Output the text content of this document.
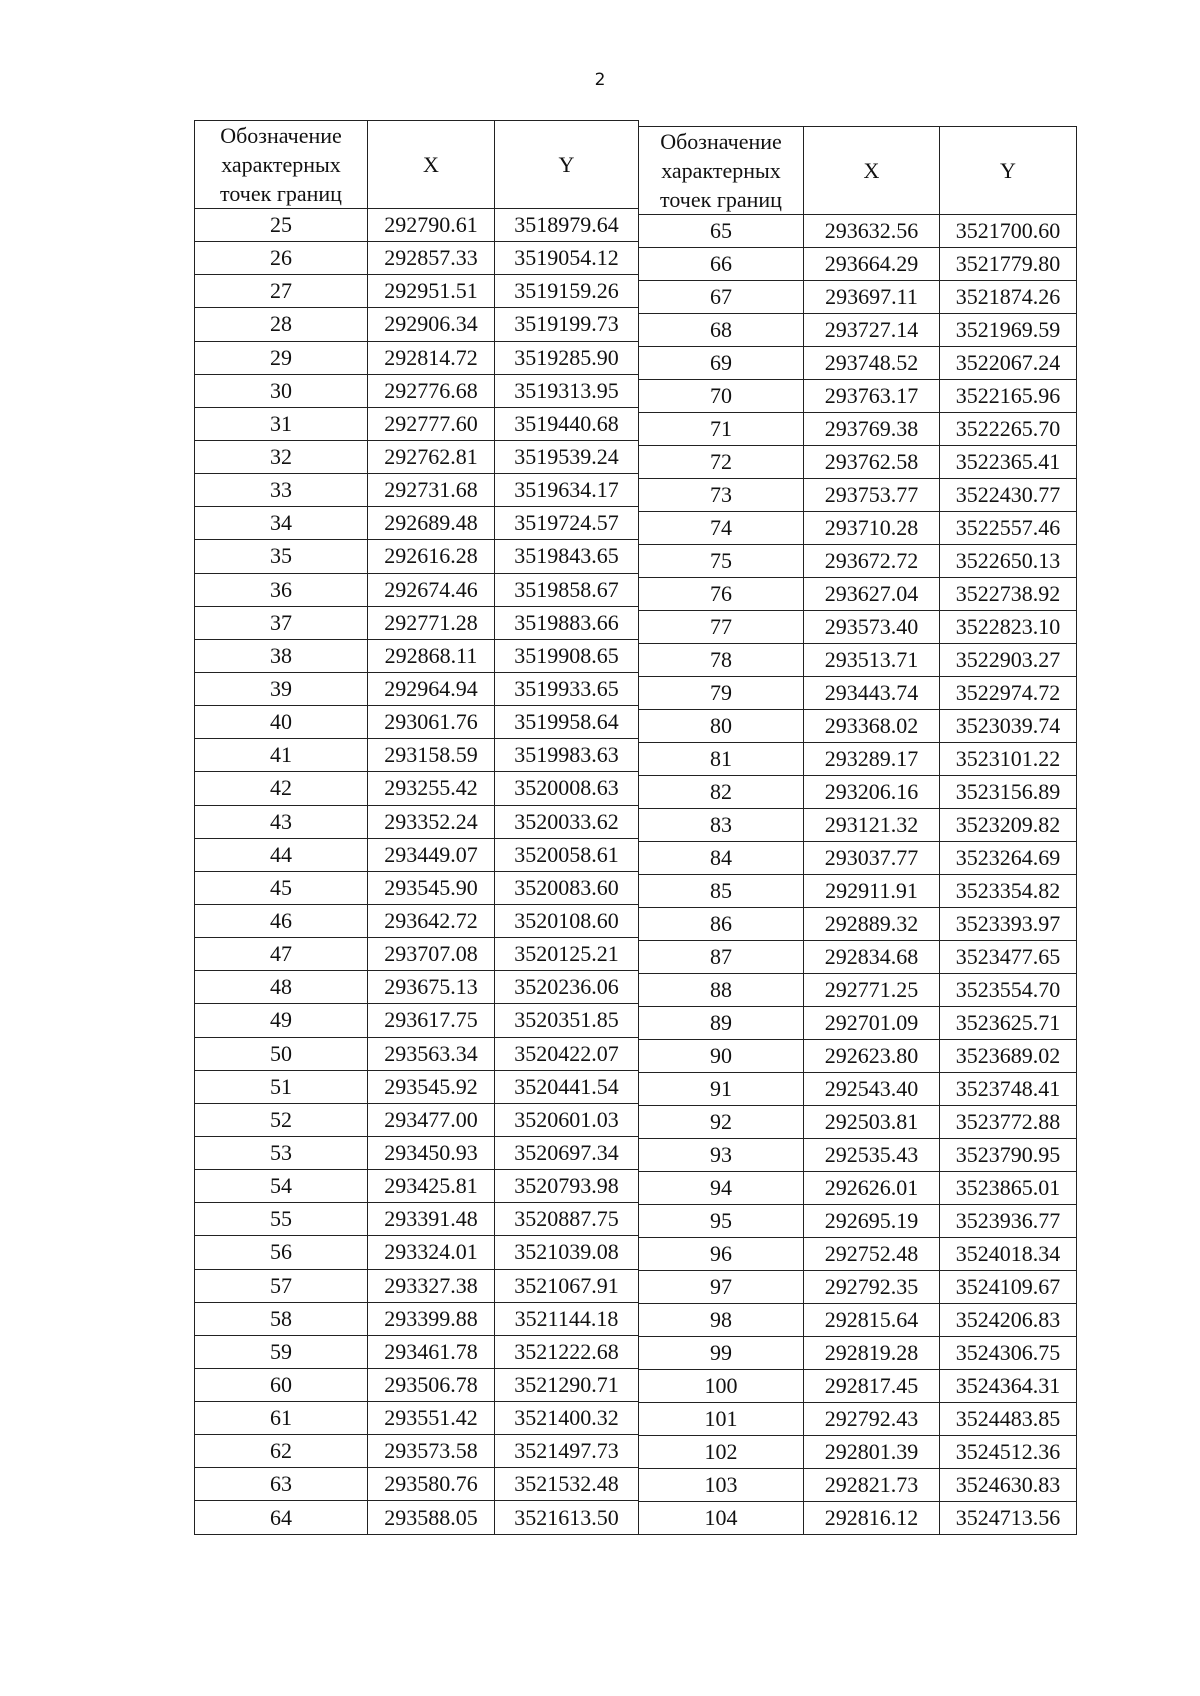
2
Обозначение характерных точек границ	X	Y
25	292790.61	3518979.64
26	292857.33	3519054.12
27	292951.51	3519159.26
28	292906.34	3519199.73
29	292814.72	3519285.90
30	292776.68	3519313.95
31	292777.60	3519440.68
32	292762.81	3519539.24
33	292731.68	3519634.17
34	292689.48	3519724.57
35	292616.28	3519843.65
36	292674.46	3519858.67
37	292771.28	3519883.66
38	292868.11	3519908.65
39	292964.94	3519933.65
40	293061.76	3519958.64
41	293158.59	3519983.63
42	293255.42	3520008.63
43	293352.24	3520033.62
44	293449.07	3520058.61
45	293545.90	3520083.60
46	293642.72	3520108.60
47	293707.08	3520125.21
48	293675.13	3520236.06
49	293617.75	3520351.85
50	293563.34	3520422.07
51	293545.92	3520441.54
52	293477.00	3520601.03
53	293450.93	3520697.34
54	293425.81	3520793.98
55	293391.48	3520887.75
56	293324.01	3521039.08
57	293327.38	3521067.91
58	293399.88	3521144.18
59	293461.78	3521222.68
60	293506.78	3521290.71
61	293551.42	3521400.32
62	293573.58	3521497.73
63	293580.76	3521532.48
64	293588.05	3521613.50
Обозначение характерных точек границ	X	Y
65	293632.56	3521700.60
66	293664.29	3521779.80
67	293697.11	3521874.26
68	293727.14	3521969.59
69	293748.52	3522067.24
70	293763.17	3522165.96
71	293769.38	3522265.70
72	293762.58	3522365.41
73	293753.77	3522430.77
74	293710.28	3522557.46
75	293672.72	3522650.13
76	293627.04	3522738.92
77	293573.40	3522823.10
78	293513.71	3522903.27
79	293443.74	3522974.72
80	293368.02	3523039.74
81	293289.17	3523101.22
82	293206.16	3523156.89
83	293121.32	3523209.82
84	293037.77	3523264.69
85	292911.91	3523354.82
86	292889.32	3523393.97
87	292834.68	3523477.65
88	292771.25	3523554.70
89	292701.09	3523625.71
90	292623.80	3523689.02
91	292543.40	3523748.41
92	292503.81	3523772.88
93	292535.43	3523790.95
94	292626.01	3523865.01
95	292695.19	3523936.77
96	292752.48	3524018.34
97	292792.35	3524109.67
98	292815.64	3524206.83
99	292819.28	3524306.75
100	292817.45	3524364.31
101	292792.43	3524483.85
102	292801.39	3524512.36
103	292821.73	3524630.83
104	292816.12	3524713.56
